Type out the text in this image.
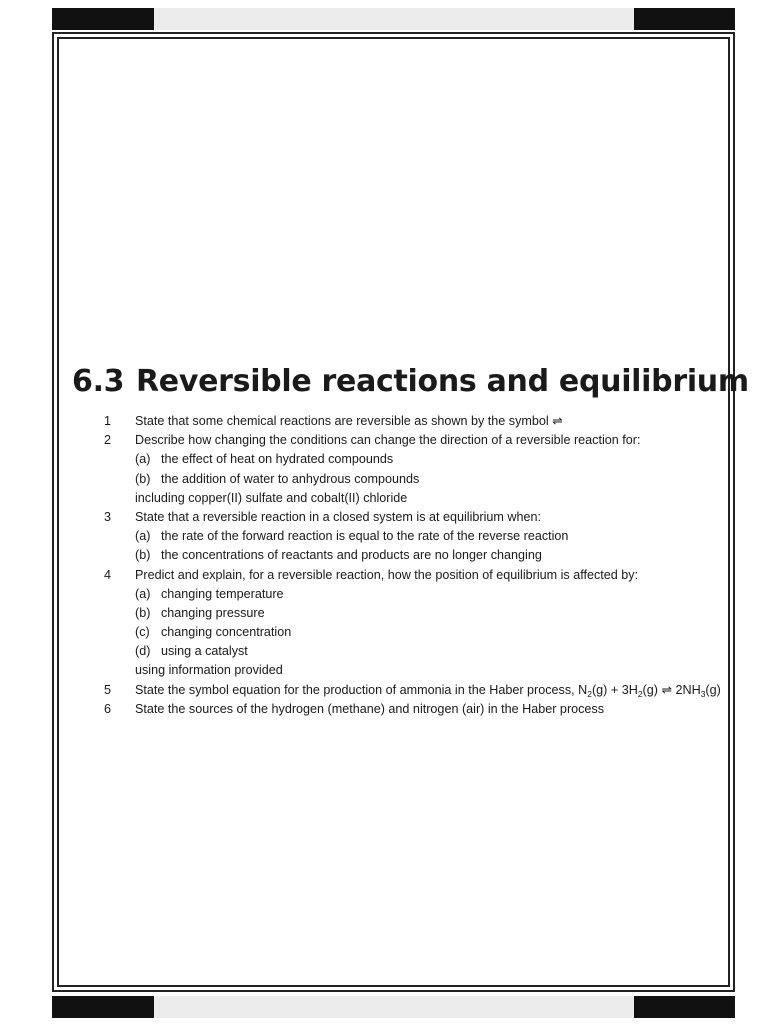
6.3 Reversible reactions and equilibrium
1 State that some chemical reactions are reversible as shown by the symbol ⇌
2 Describe how changing the conditions can change the direction of a reversible reaction for:
(a) the effect of heat on hydrated compounds
(b) the addition of water to anhydrous compounds
including copper(II) sulfate and cobalt(II) chloride
3 State that a reversible reaction in a closed system is at equilibrium when:
(a) the rate of the forward reaction is equal to the rate of the reverse reaction
(b) the concentrations of reactants and products are no longer changing
4 Predict and explain, for a reversible reaction, how the position of equilibrium is affected by:
(a) changing temperature
(b) changing pressure
(c) changing concentration
(d) using a catalyst
using information provided
5 State the symbol equation for the production of ammonia in the Haber process, $N_2(g) + 3H_2(g)$ ⇌ $2NH_3(g)$
6 State the sources of the hydrogen (methane) and nitrogen (air) in the Haber process
